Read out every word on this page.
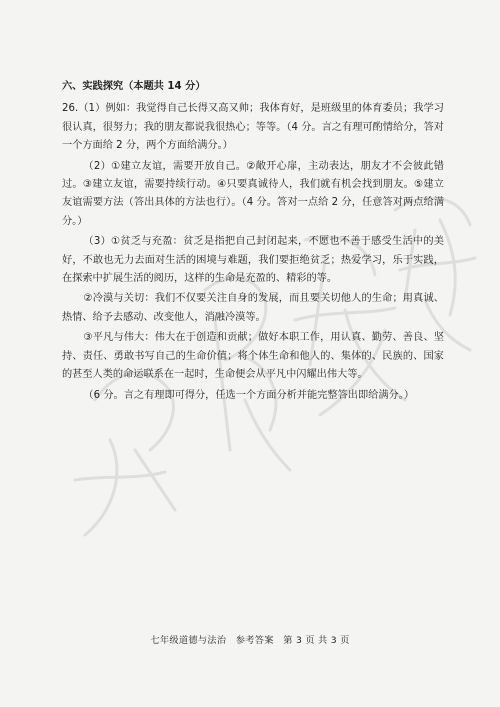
六、实践探究（本题共 14 分）

26.（1）例如：我觉得自己长得又高又帅；我体育好，是班级里的体育委员；我学习很认真，很努力；我的朋友都说我很热心；等等。（4 分。言之有理可酌情给分，答对一个方面给 2 分，两个方面给满分。）

（2）①建立友谊，需要开放自己。②敞开心扉，主动表达，朋友才不会彼此错过。③建立友谊，需要持续行动。④只要真诚待人，我们就有机会找到朋友。⑤建立友谊需要方法（答出具体的方法也行）。（4 分。答对一点给 2 分，任意答对两点给满分。）

（3）①贫乏与充盈：贫乏是指把自己封闭起来，不愿也不善于感受生活中的美好，不敢也无力去面对生活的困境与难题，我们要拒绝贫乏；热爱学习，乐于实践，在探索中扩展生活的阅历，这样的生命是充盈的、精彩的等。

②冷漠与关切：我们不仅要关注自身的发展，而且要关切他人的生命；用真诚、热情、给予去感动、改变他人，消融冷漠等。

③平凡与伟大：伟大在于创造和贡献；做好本职工作，用认真、勤劳、善良、坚持、责任、勇敢书写自己的生命价值；将个体生命和他人的、集体的、民族的、国家的甚至人类的命运联系在一起时，生命便会从平凡中闪耀出伟大等。

（6 分。言之有理即可得分，任选一个方面分析并能完整答出即给满分。）

七年级道德与法治　参考答案　第 3 页 共 3 页
